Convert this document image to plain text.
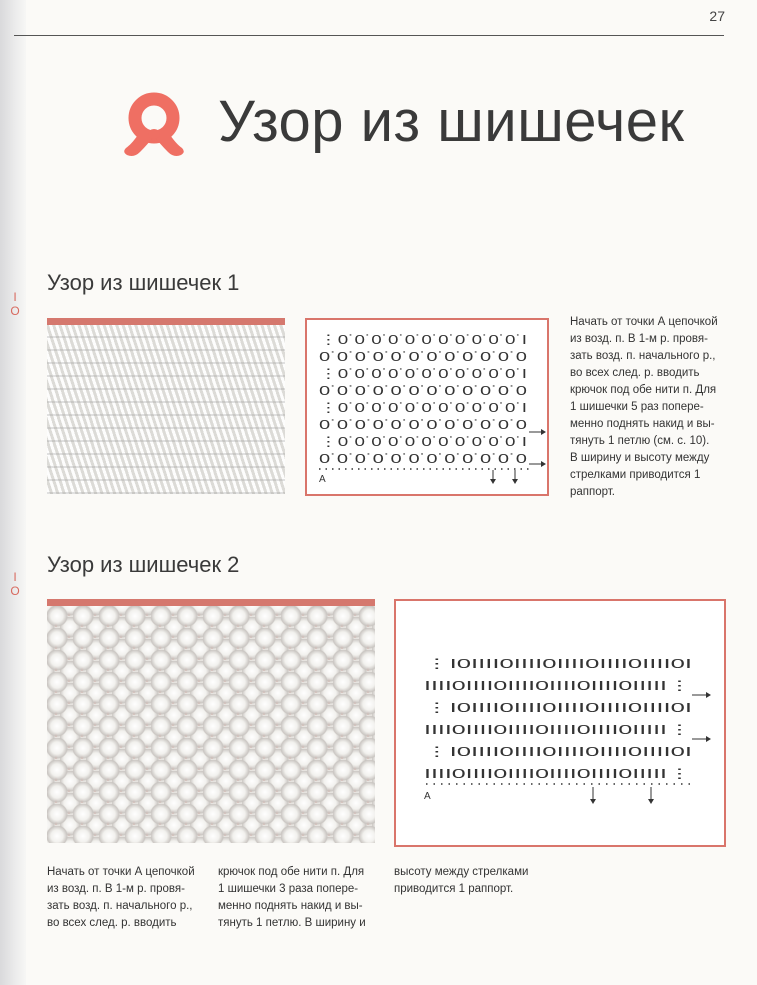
27
Узор из шишечек
Узор из шишечек 1
I O
⋮0˙0˙0˙0˙0˙0˙0˙0˙0˙0˙0˙I
0˙0˙0˙0˙0˙0˙0˙0˙0˙0˙0˙0
⋮0˙0˙0˙0˙0˙0˙0˙0˙0˙0˙0˙I
0˙0˙0˙0˙0˙0˙0˙0˙0˙0˙0˙0
⋮0˙0˙0˙0˙0˙0˙0˙0˙0˙0˙0˙I
0˙0˙0˙0˙0˙0˙0˙0˙0˙0˙0˙0
⋮0˙0˙0˙0˙0˙0˙0˙0˙0˙0˙0˙I
0˙0˙0˙0˙0˙0˙0˙0˙0˙0˙0˙0
A
Начать от точки А цепочкой
из возд. п. В 1-м р. провя-
зать возд. п. начального р.,
во всех след. р. вводить
крючок под обе нити п. Для
1 шишечки 5 раз попере-
менно поднять накид и вы-
тянуть 1 петлю (см. с. 10).
В ширину и высоту между
стрелками приводится 1
раппорт.
Узор из шишечек 2
I O
⋮I0IIII0IIII0IIII0IIII0IIII0I
IIII0IIII0IIII0IIII0IIII0IIIII⋮
⋮I0IIII0IIII0IIII0IIII0IIII0I
IIII0IIII0IIII0IIII0IIII0IIIII⋮
⋮I0IIII0IIII0IIII0IIII0IIII0I
IIII0IIII0IIII0IIII0IIII0IIIII⋮
A
Начать от точки А цепочкой
из возд. п. В 1-м р. провя-
зать возд. п. начального р.,
во всех след. р. вводить
крючок под обе нити п. Для
1 шишечки 3 раза попере-
менно поднять накид и вы-
тянуть 1 петлю. В ширину и
высоту между стрелками
приводится 1 раппорт.
